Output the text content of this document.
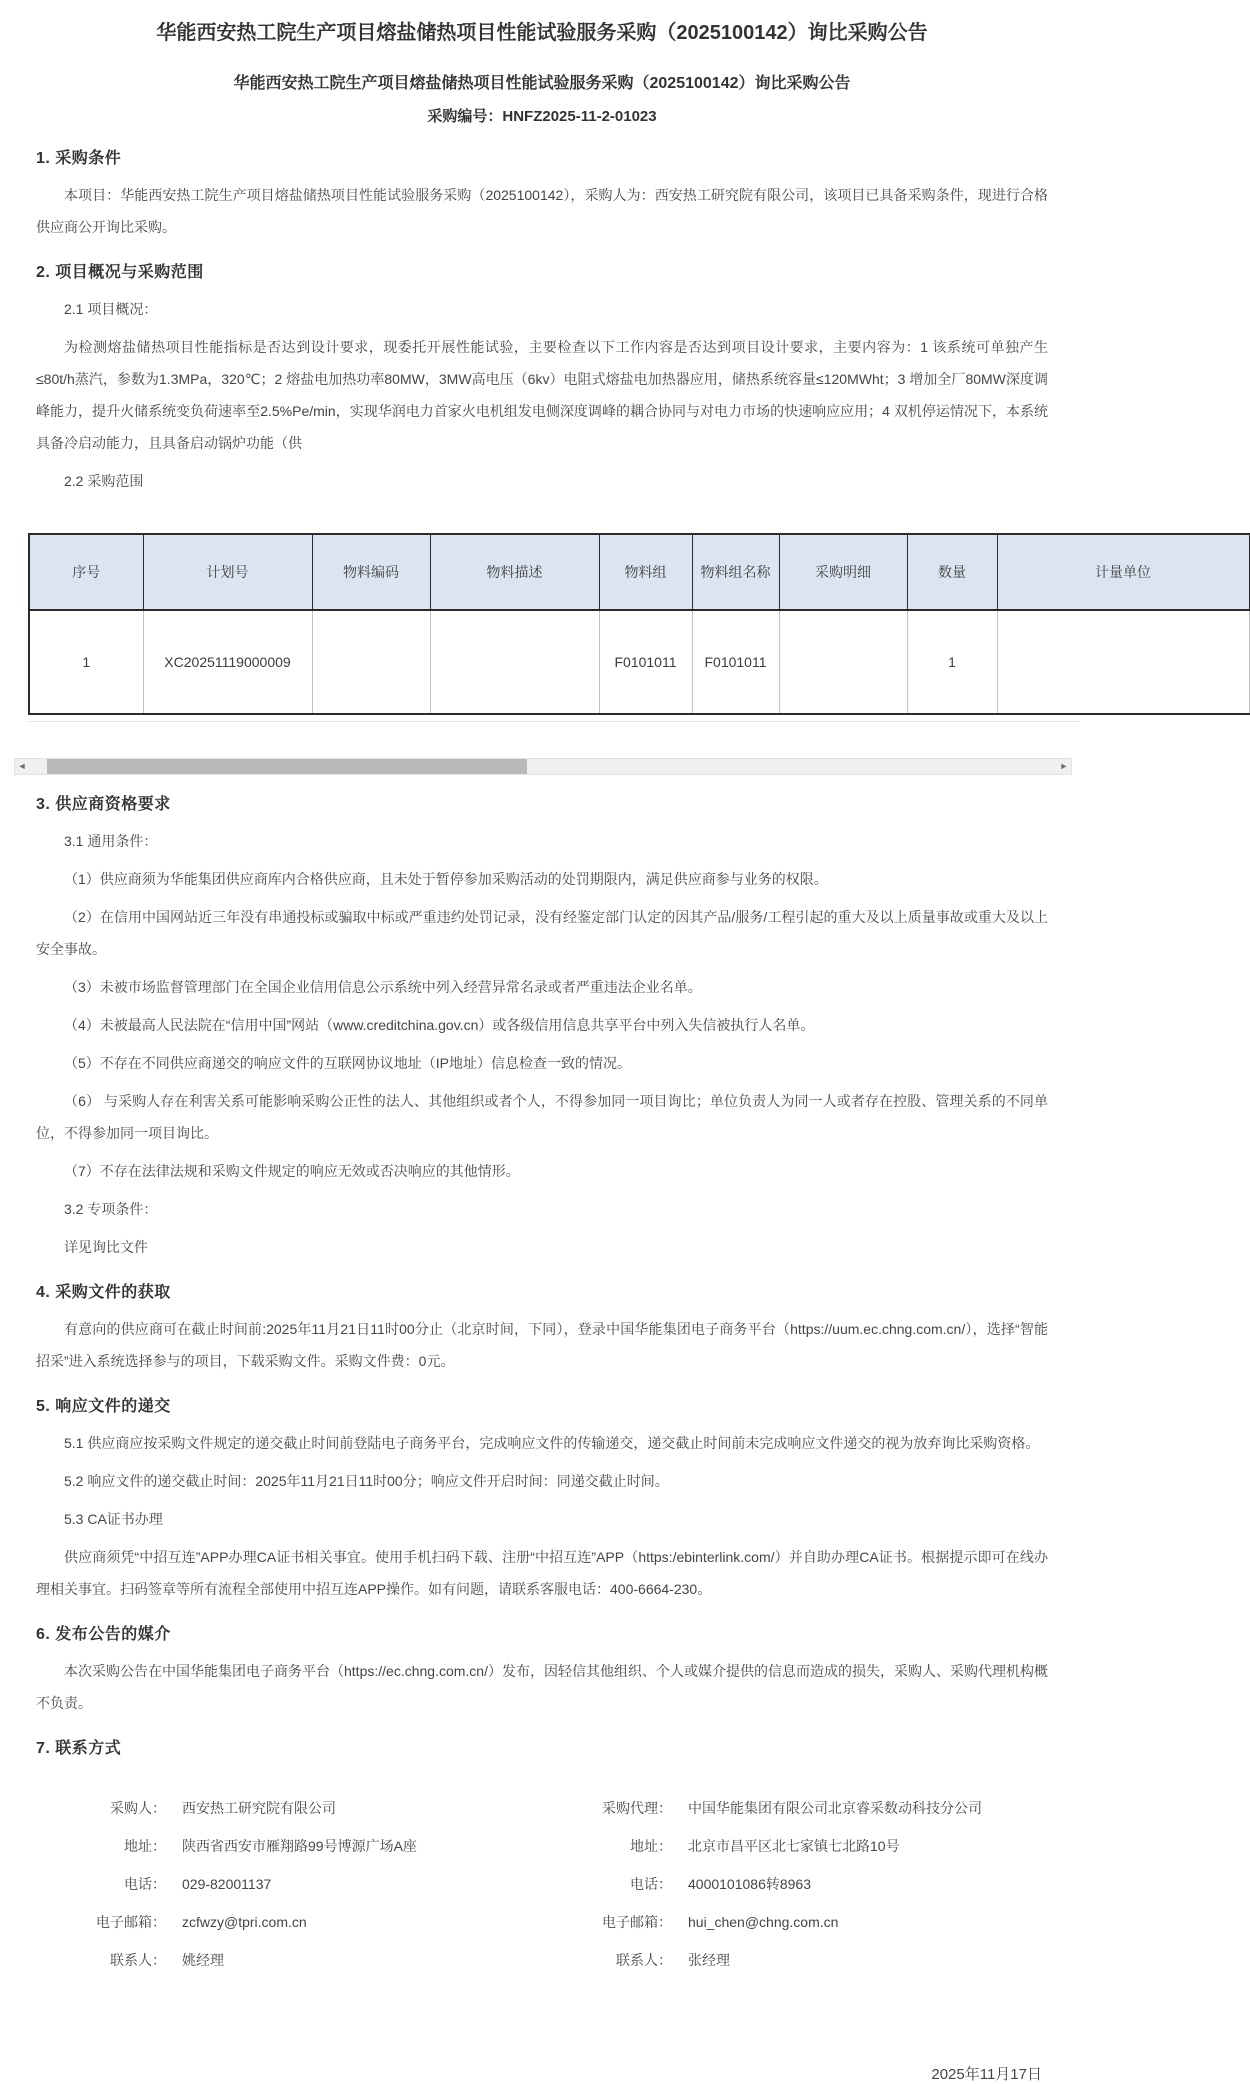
华能西安热工院生产项目熔盐储热项目性能试验服务采购（2025100142）询比采购公告
华能西安热工院生产项目熔盐储热项目性能试验服务采购（2025100142）询比采购公告
采购编号：HNFZ2025-11-2-01023
1. 采购条件

本项目：华能西安热工院生产项目熔盐储热项目性能试验服务采购（2025100142），采购人为：西安热工研究院有限公司，该项目已具备采购条件，现进行合格供应商公开询比采购。

2. 项目概况与采购范围

2.1 项目概况：

为检测熔盐储热项目性能指标是否达到设计要求，现委托开展性能试验，主要检查以下工作内容是否达到项目设计要求，主要内容为：1 该系统可单独产生≤80t/h蒸汽，参数为1.3MPa，320℃；2 熔盐电加热功率80MW，3MW高电压（6kv）电阻式熔盐电加热器应用，储热系统容量≤120MWht；3 增加全厂80MW深度调峰能力，提升火储系统变负荷速率至2.5%Pe/min，实现华润电力首家火电机组发电侧深度调峰的耦合协同与对电力市场的快速响应应用；4 双机停运情况下，本系统具备冷启动能力，且具备启动锅炉功能（供

2.2 采购范围

序号	计划号	物料编码	物料描述	物料组	物料组名称	采购明细	数量	计量单位
1	XC20251119000009			F0101011	F0101011		1	
◄	►
3. 供应商资格要求

3.1 通用条件：

（1）供应商须为华能集团供应商库内合格供应商，且未处于暂停参加采购活动的处罚期限内，满足供应商参与业务的权限。

（2）在信用中国网站近三年没有串通投标或骗取中标或严重违约处罚记录，没有经鉴定部门认定的因其产品/服务/工程引起的重大及以上质量事故或重大及以上安全事故。

（3）未被市场监督管理部门在全国企业信用信息公示系统中列入经营异常名录或者严重违法企业名单。

（4）未被最高人民法院在“信用中国”网站（www.creditchina.gov.cn）或各级信用信息共享平台中列入失信被执行人名单。

（5）不存在不同供应商递交的响应文件的互联网协议地址（IP地址）信息检查一致的情况。

（6） 与采购人存在利害关系可能影响采购公正性的法人、其他组织或者个人，不得参加同一项目询比；单位负责人为同一人或者存在控股、管理关系的不同单位，不得参加同一项目询比。

（7）不存在法律法规和采购文件规定的响应无效或否决响应的其他情形。

3.2 专项条件：

详见询比文件

4. 采购文件的获取

有意向的供应商可在截止时间前:2025年11月21日11时00分止（北京时间，下同），登录中国华能集团电子商务平台（https://uum.ec.chng.com.cn/），选择“智能招采”进入系统选择参与的项目，下载采购文件。采购文件费：0元。

5. 响应文件的递交

5.1 供应商应按采购文件规定的递交截止时间前登陆电子商务平台，完成响应文件的传输递交，递交截止时间前未完成响应文件递交的视为放弃询比采购资格。

5.2 响应文件的递交截止时间：2025年11月21日11时00分；响应文件开启时间：同递交截止时间。

5.3 CA证书办理

供应商须凭“中招互连”APP办理CA证书相关事宜。使用手机扫码下载、注册“中招互连”APP（https:/ebinterlink.com/）并自助办理CA证书。根据提示即可在线办理相关事宜。扫码签章等所有流程全部使用中招互连APP操作。如有问题，请联系客服电话：400-6664-230。

6. 发布公告的媒介

本次采购公告在中国华能集团电子商务平台（https://ec.chng.com.cn/）发布，因轻信其他组织、个人或媒介提供的信息而造成的损失，采购人、采购代理机构概不负责。

7. 联系方式
采购人： 西安热工研究院有限公司
地址： 陕西省西安市雁翔路99号博源广场A座
电话： 029-82001137
电子邮箱： zcfwzy@tpri.com.cn
联系人： 姚经理
采购代理： 中国华能集团有限公司北京睿采数动科技分公司
地址： 北京市昌平区北七家镇七北路10号
电话： 4000101086转8963
电子邮箱： hui_chen@chng.com.cn
联系人： 张经理
2025年11月17日
